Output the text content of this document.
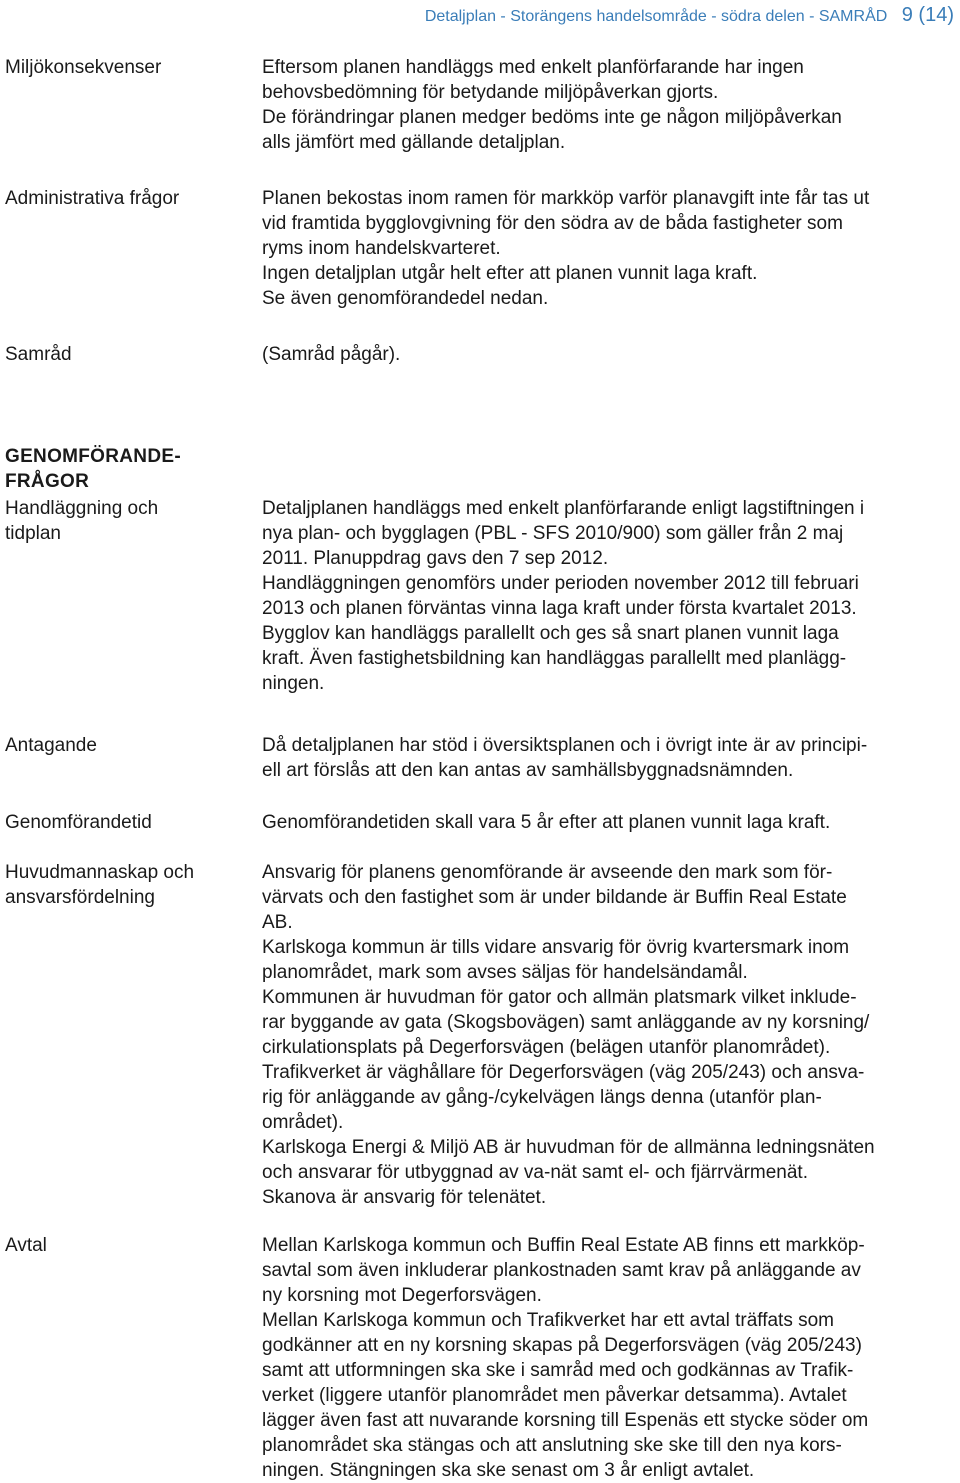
Detaljplan - Storängens handelsområde - södra delen - SAMRÅD 9 (14)
Miljökonsekvenser	Eftersom planen handläggs med enkelt planförfarande har ingen
behovsbedömning för betydande miljöpåverkan gjorts.
De förändringar planen medger bedöms inte ge någon miljöpåverkan
alls jämfört med gällande detaljplan.
Administrativa frågor	Planen bekostas inom ramen för markköp varför planavgift inte får tas ut
vid framtida bygglovgivning för den södra av de båda fastigheter som
ryms inom handelskvarteret.
Ingen detaljplan utgår helt efter att planen vunnit laga kraft.
Se även genomförandedel nedan.
Samråd	(Samråd pågår).
GENOMFÖRANDE-
FRÅGOR
Handläggning och
tidplan
Detaljplanen handläggs med enkelt planförfarande enligt lagstiftningen i
nya plan- och bygglagen (PBL - SFS 2010/900) som gäller från 2 maj
2011. Planuppdrag gavs den 7 sep 2012.
Handläggningen genomförs under perioden november 2012 till februari
2013 och planen förväntas vinna laga kraft under första kvartalet 2013.
Bygglov kan handläggs parallellt och ges så snart planen vunnit laga
kraft. Även fastighetsbildning kan handläggas parallellt med planlägg-
ningen.
Antagande	Då detaljplanen har stöd i översiktsplanen och i övrigt inte är av principi-
ell art förslås att den kan antas av samhällsbyggnadsnämnden.
Genomförandetid	Genomförandetiden skall vara 5 år efter att planen vunnit laga kraft.
Huvudmannaskap och
ansvarsfördelning
Ansvarig för planens genomförande är avseende den mark som för-
värvats och den fastighet som är under bildande är Buffin Real Estate
AB.
Karlskoga kommun är tills vidare ansvarig för övrig kvartersmark inom
planområdet, mark som avses säljas för handelsändamål.
Kommunen är huvudman för gator och allmän platsmark vilket inklude-
rar byggande av gata (Skogsbovägen) samt anläggande av ny korsning/
cirkulationsplats på Degerforsvägen (belägen utanför planområdet).
Trafikverket är väghållare för Degerforsvägen (väg 205/243) och ansva-
rig för anläggande av gång-/cykelvägen längs denna (utanför plan-
området).
Karlskoga Energi & Miljö AB är huvudman för de allmänna ledningsnäten
och ansvarar för utbyggnad av va-nät samt el- och fjärrvärmenät.
Skanova är ansvarig för telenätet.
Avtal	Mellan Karlskoga kommun och Buffin Real Estate AB finns ett markköp-
savtal som även inkluderar plankostnaden samt krav på anläggande av
ny korsning mot Degerforsvägen.
Mellan Karlskoga kommun och Trafikverket har ett avtal träffats som
godkänner att en ny korsning skapas på Degerforsvägen (väg 205/243)
samt att utformningen ska ske i samråd med och godkännas av Trafik-
verket (liggere utanför planområdet men påverkar detsamma). Avtalet
lägger även fast att nuvarande korsning till Espenäs ett stycke söder om
planområdet ska stängas och att anslutning ske ske till den nya kors-
ningen. Stängningen ska ske senast om 3 år enligt avtalet.
